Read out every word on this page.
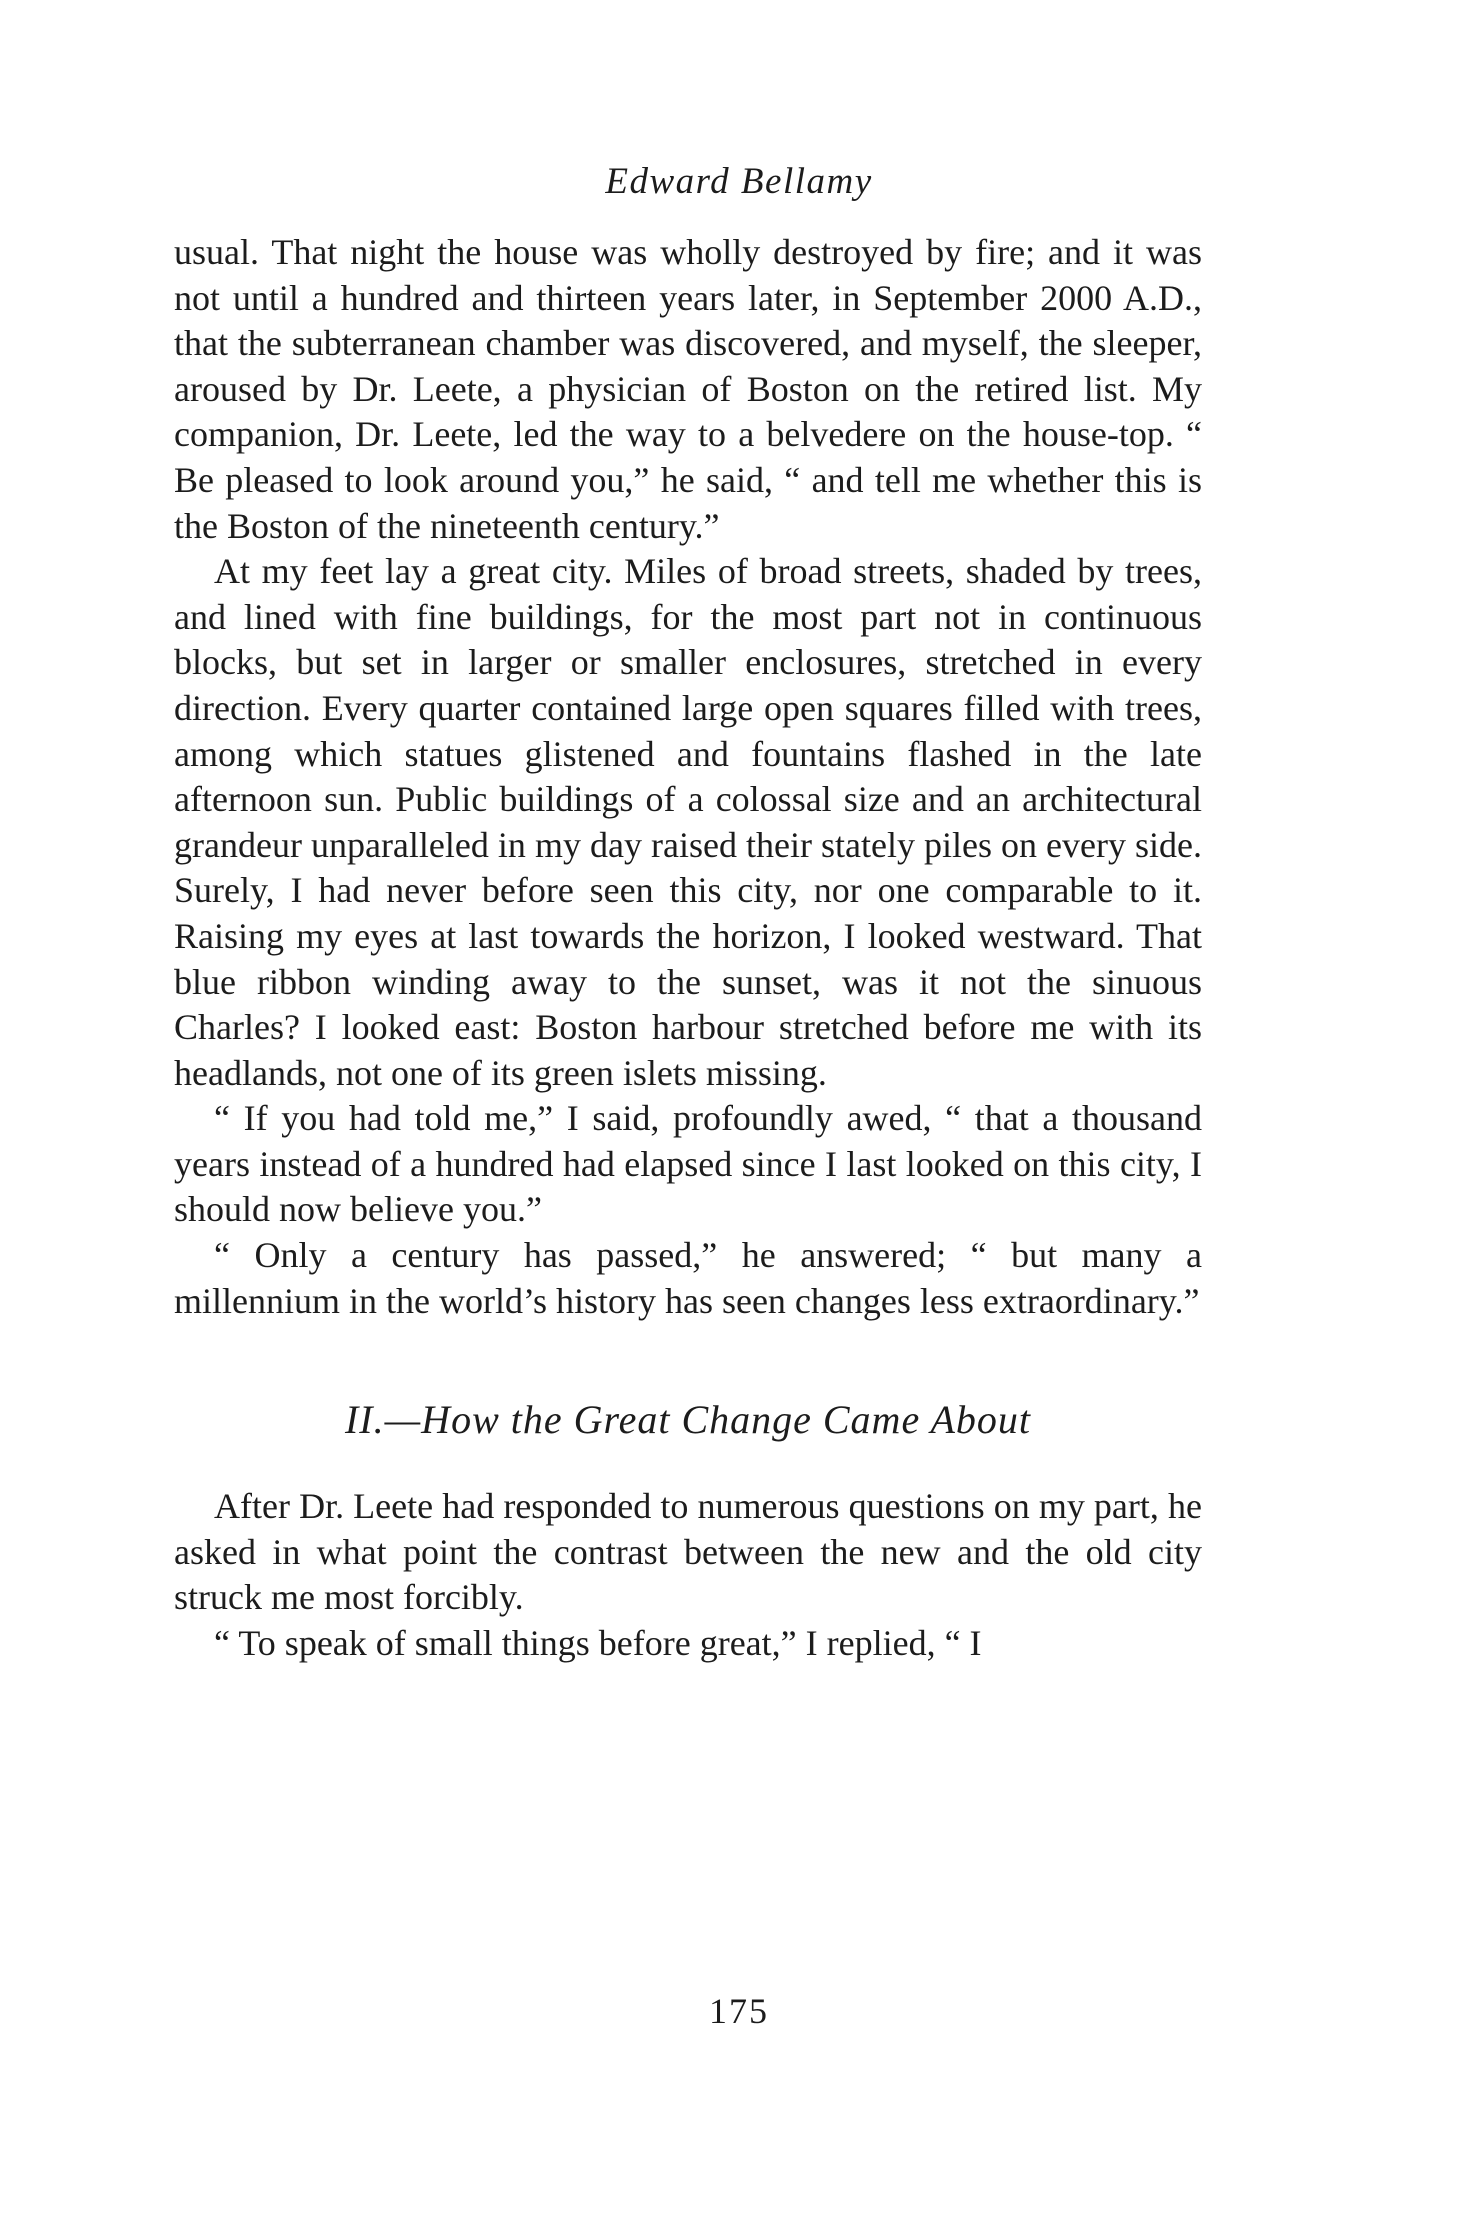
Edward Bellamy

usual. That night the house was wholly destroyed by fire; and it was not until a hundred and thirteen years later, in September 2000 A.D., that the subterranean chamber was discovered, and myself, the sleeper, aroused by Dr. Leete, a physician of Boston on the retired list. My companion, Dr. Leete, led the way to a belvedere on the house-top. “ Be pleased to look around you,” he said, “ and tell me whether this is the Boston of the nineteenth century.”

At my feet lay a great city. Miles of broad streets, shaded by trees, and lined with fine buildings, for the most part not in continuous blocks, but set in larger or smaller enclosures, stretched in every direction. Every quarter contained large open squares filled with trees, among which statues glistened and fountains flashed in the late afternoon sun. Public buildings of a colossal size and an architectural grandeur unparalleled in my day raised their stately piles on every side. Surely, I had never before seen this city, nor one comparable to it. Raising my eyes at last towards the horizon, I looked westward. That blue ribbon winding away to the sunset, was it not the sinuous Charles? I looked east: Boston harbour stretched before me with its headlands, not one of its green islets missing.

“ If you had told me,” I said, profoundly awed, “ that a thousand years instead of a hundred had elapsed since I last looked on this city, I should now believe you.”

“ Only a century has passed,” he answered; “ but many a millennium in the world’s history has seen changes less extraordinary.”

II.—How the Great Change Came About

After Dr. Leete had responded to numerous questions on my part, he asked in what point the contrast between the new and the old city struck me most forcibly.

“ To speak of small things before great,” I replied, “ I

175
